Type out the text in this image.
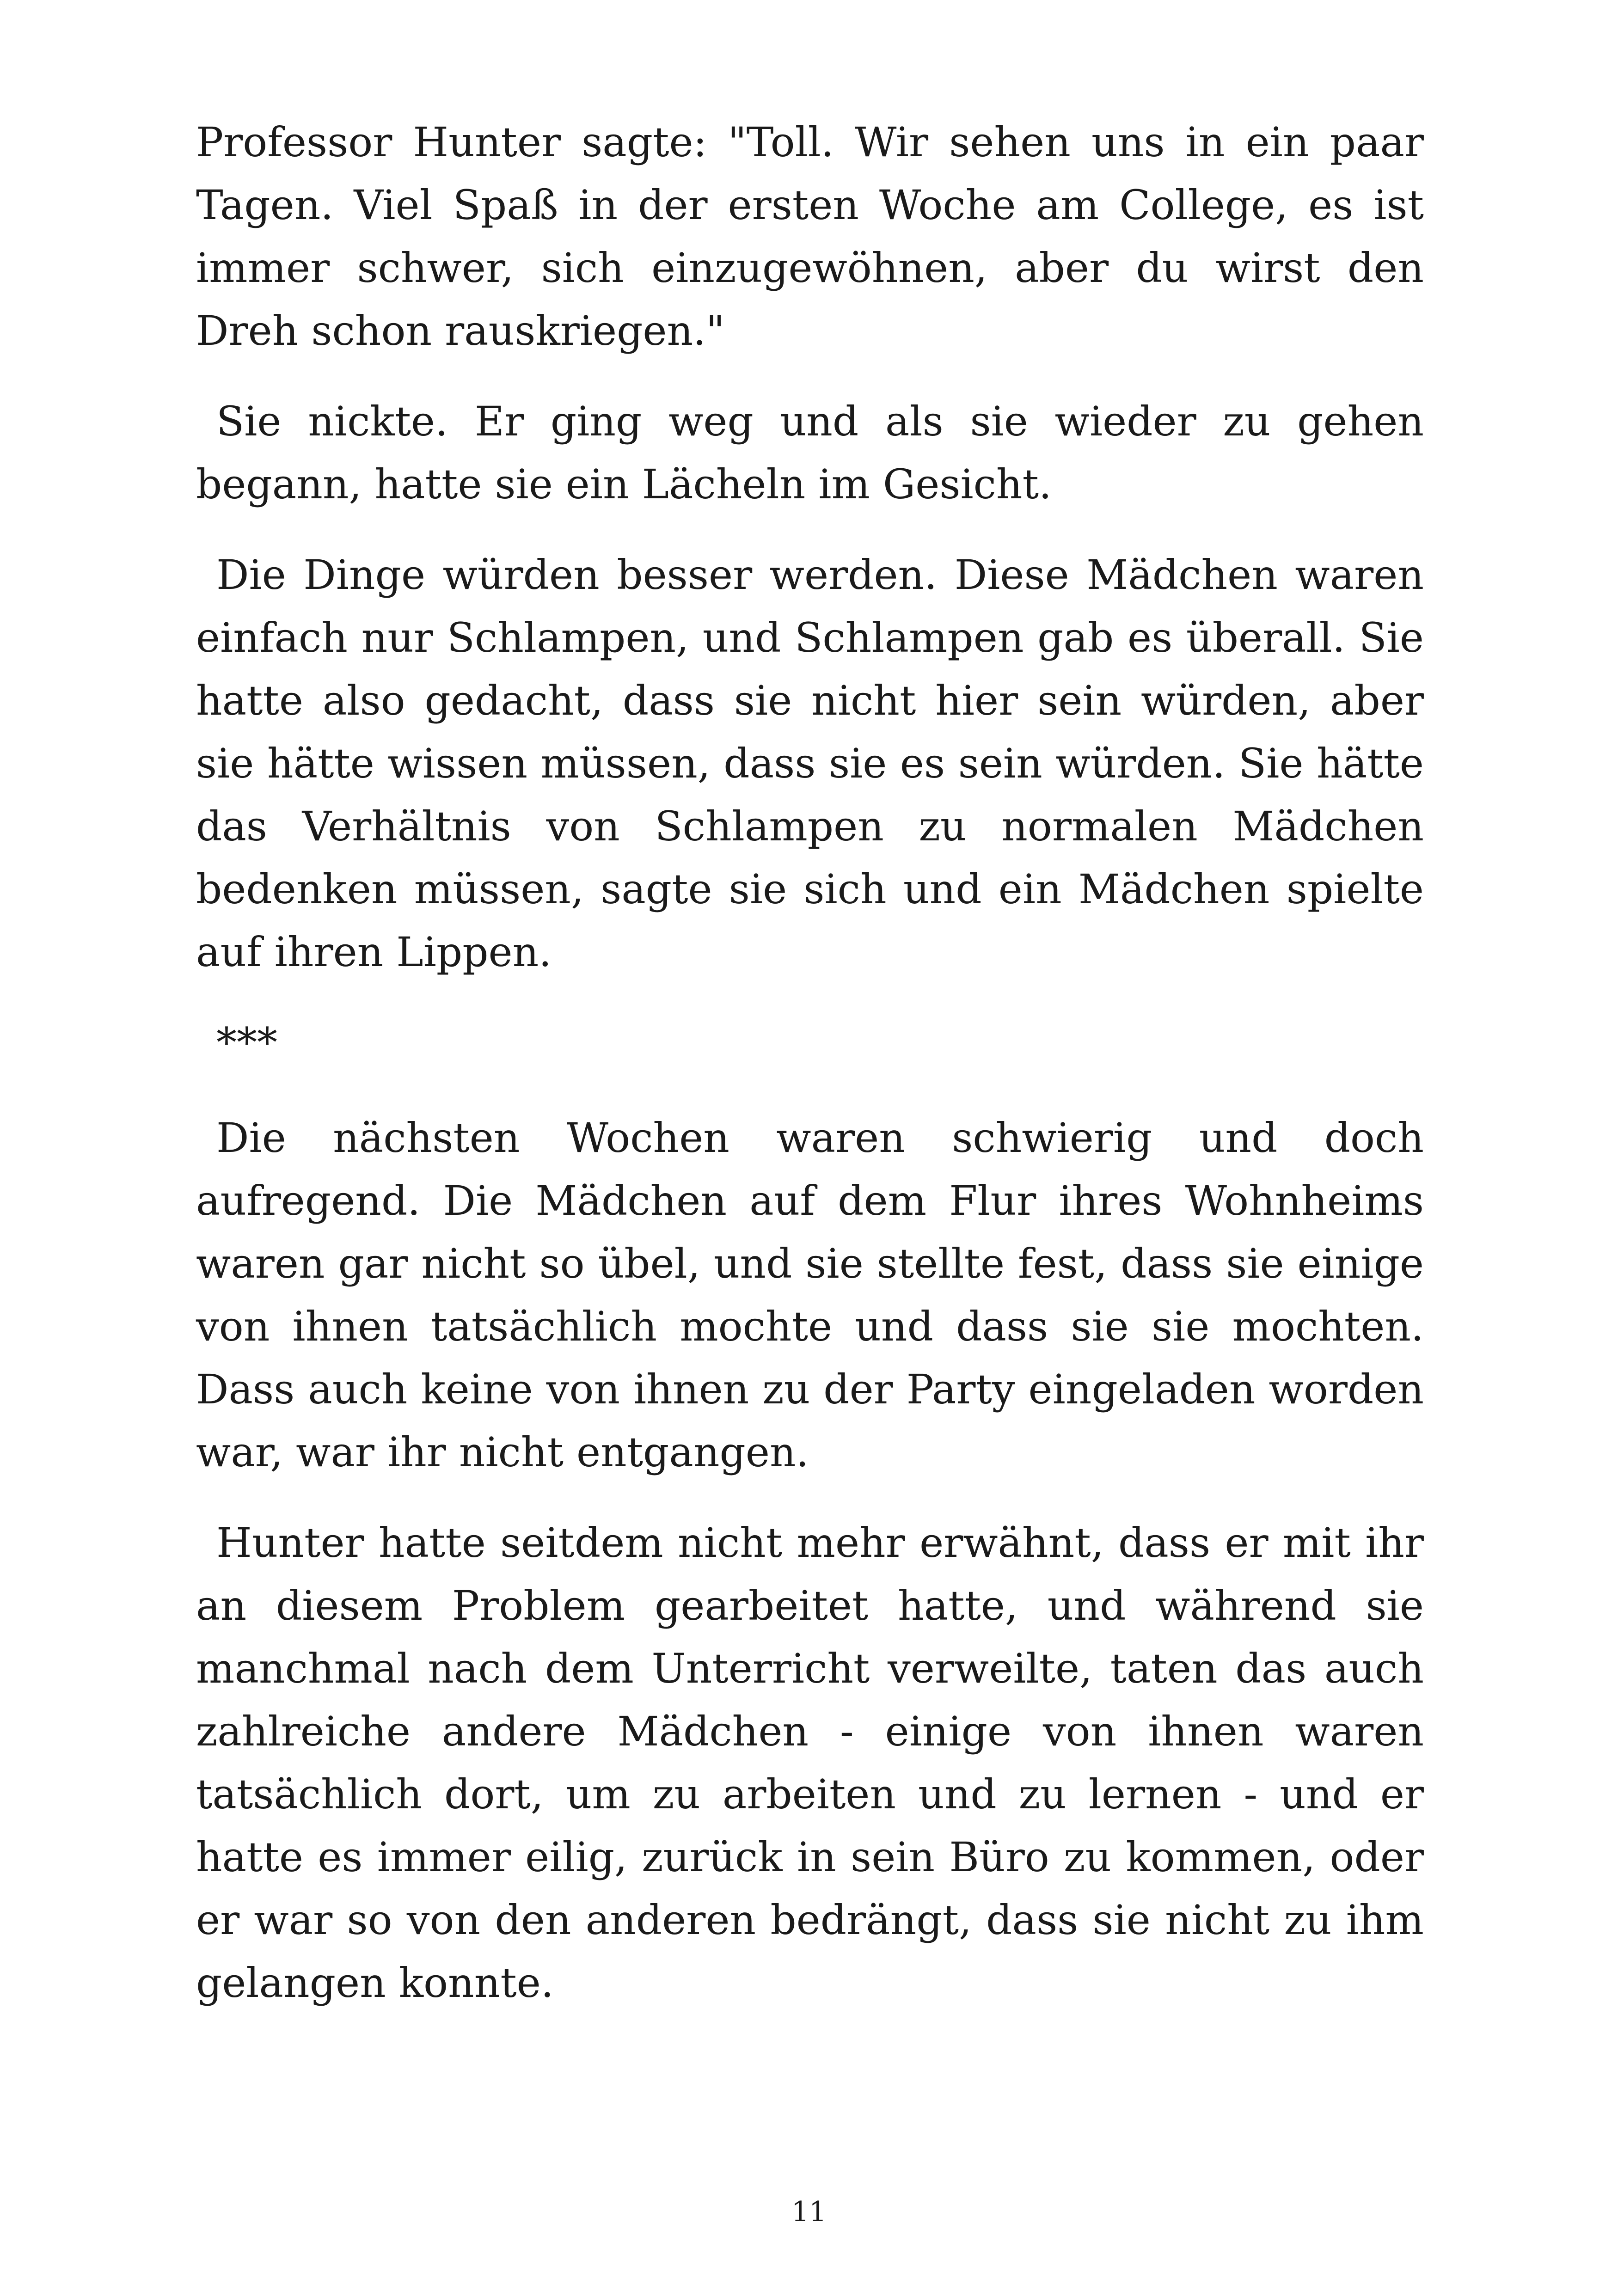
Professor Hunter sagte: "Toll. Wir sehen uns in ein paar Tagen. Viel Spaß in der ersten Woche am College, es ist immer schwer, sich einzugewöhnen, aber du wirst den Dreh schon rauskriegen."

Sie nickte. Er ging weg und als sie wieder zu gehen begann, hatte sie ein Lächeln im Gesicht.

Die Dinge würden besser werden. Diese Mädchen waren einfach nur Schlampen, und Schlampen gab es überall. Sie hatte also gedacht, dass sie nicht hier sein würden, aber sie hätte wissen müssen, dass sie es sein würden. Sie hätte das Verhältnis von Schlampen zu normalen Mädchen bedenken müssen, sagte sie sich und ein Mädchen spielte auf ihren Lippen.

***

Die nächsten Wochen waren schwierig und doch aufregend. Die Mädchen auf dem Flur ihres Wohnheims waren gar nicht so übel, und sie stellte fest, dass sie einige von ihnen tatsächlich mochte und dass sie sie mochten. Dass auch keine von ihnen zu der Party eingeladen worden war, war ihr nicht entgangen.

Hunter hatte seitdem nicht mehr erwähnt, dass er mit ihr an diesem Problem gearbeitet hatte, und während sie manchmal nach dem Unterricht verweilte, taten das auch zahlreiche andere Mädchen - einige von ihnen waren tatsächlich dort, um zu arbeiten und zu lernen - und er hatte es immer eilig, zurück in sein Büro zu kommen, oder er war so von den anderen bedrängt, dass sie nicht zu ihm gelangen konnte.

11
